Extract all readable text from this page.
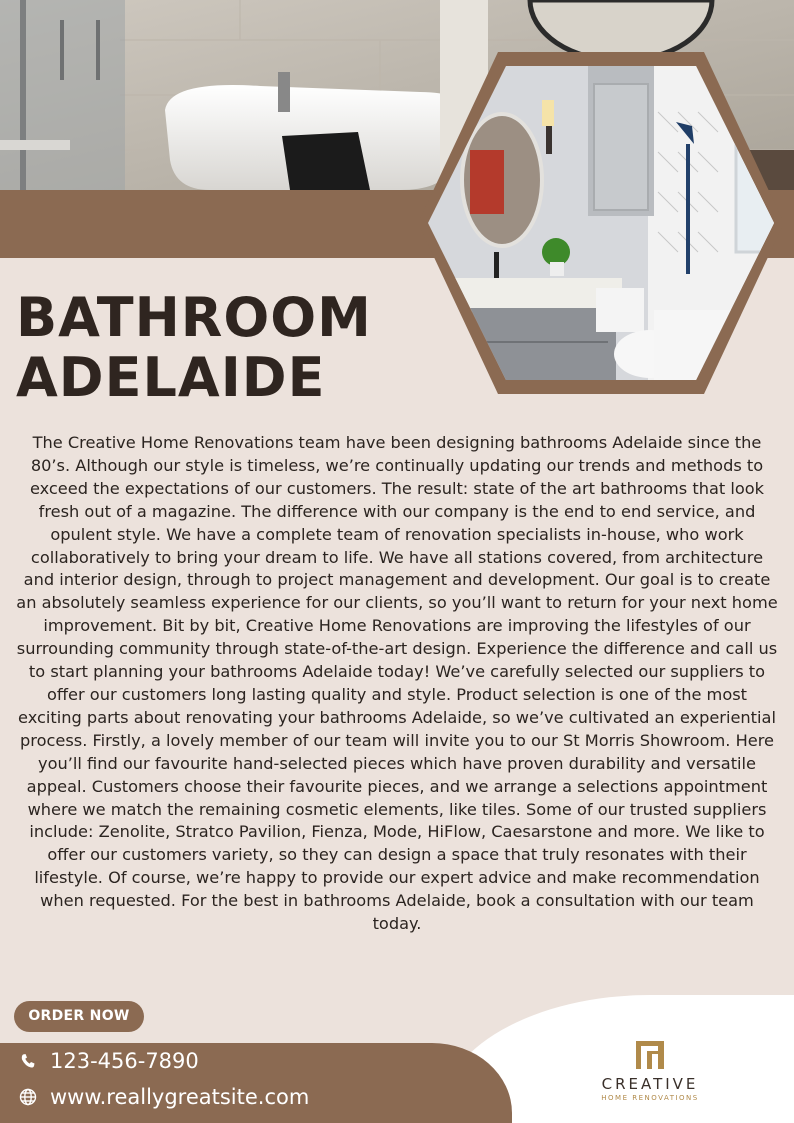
BATHROOM
ADELAIDE

The Creative Home Renovations team have been designing bathrooms Adelaide since the 80’s. Although our style is timeless, we’re continually updating our trends and methods to exceed the expectations of our customers. The result: state of the art bathrooms that look fresh out of a magazine. The difference with our company is the end to end service, and opulent style. We have a complete team of renovation specialists in-house, who work collaboratively to bring your dream to life. We have all stations covered, from architecture and interior design, through to project management and development. Our goal is to create an absolutely seamless experience for our clients, so you’ll want to return for your next home improvement. Bit by bit, Creative Home Renovations are improving the lifestyles of our surrounding community through state-of-the-art design. Experience the difference and call us to start planning your bathrooms Adelaide today! We’ve carefully selected our suppliers to offer our customers long lasting quality and style. Product selection is one of the most exciting parts about renovating your bathrooms Adelaide, so we’ve cultivated an experiential process. Firstly, a lovely member of our team will invite you to our St Morris Showroom. Here you’ll find our favourite hand-selected pieces which have proven durability and versatile appeal. Customers choose their favourite pieces, and we arrange a selections appointment where we match the remaining cosmetic elements, like tiles. Some of our trusted suppliers include: Zenolite, Stratco Pavilion, Fienza, Mode, HiFlow, Caesarstone and more. We like to offer our customers variety, so they can design a space that truly resonates with their lifestyle. Of course, we’re happy to provide our expert advice and make recommendation when requested. For the best in bathrooms Adelaide, book a consultation with our team today.

ORDER NOW
123-456-7890
www.reallygreatsite.com
CREATIVE
HOME RENOVATIONS
